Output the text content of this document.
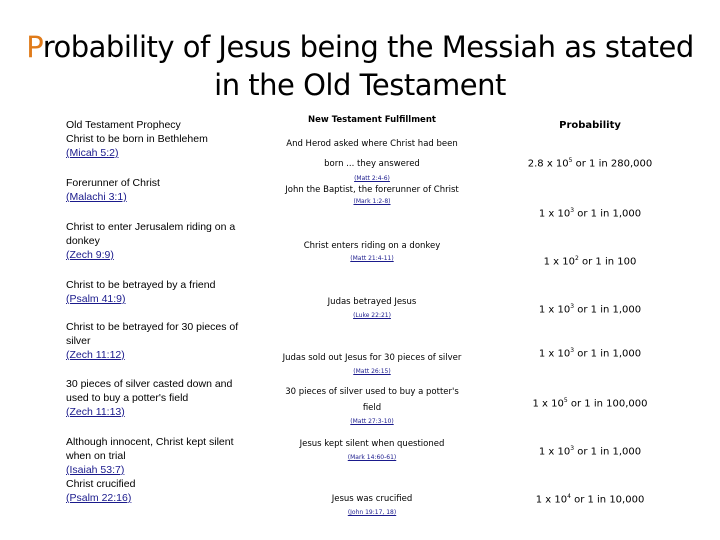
Probability of Jesus being the Messiah as stated
in the Old Testament
Old Testament Prophecy
Christ to be born in Bethlehem
(Micah 5:2)
Forerunner of Christ
(Malachi 3:1)
Christ to enter Jerusalem riding on a donkey
(Zech 9:9)
Christ to be betrayed by a friend
(Psalm 41:9)
Christ to be betrayed for 30 pieces of silver
(Zech 11:12)
30 pieces of silver casted down and used to buy a potter's field
(Zech 11:13)
Although innocent, Christ kept silent when on trial
(Isaiah 53:7)
Christ crucified
(Psalm 22:16)
New Testament Fulfillment
And Herod asked where Christ had been
born ... they answered
(Matt 2:4-6)
John the Baptist, the forerunner of Christ
(Mark 1:2-8)
Christ enters riding on a donkey
(Matt 21:4-11)
Judas betrayed Jesus
(Luke 22:21)
Judas sold out Jesus for 30 pieces of silver
(Matt 26:15)
30 pieces of silver used to buy a potter's
field
(Matt 27:3-10)
Jesus kept silent when questioned
(Mark 14:60-61)
Jesus was crucified
(John 19:17, 18)
Probability
2.8 x $10^5$ or 1 in 280,000
1 x $10^3$ or 1 in 1,000
1 x $10^2$ or 1 in 100
1 x $10^3$ or 1 in 1,000
1 x $10^3$ or 1 in 1,000
1 x $10^5$ or 1 in 100,000
1 x $10^3$ or 1 in 1,000
1 x $10^4$ or 1 in 10,000
